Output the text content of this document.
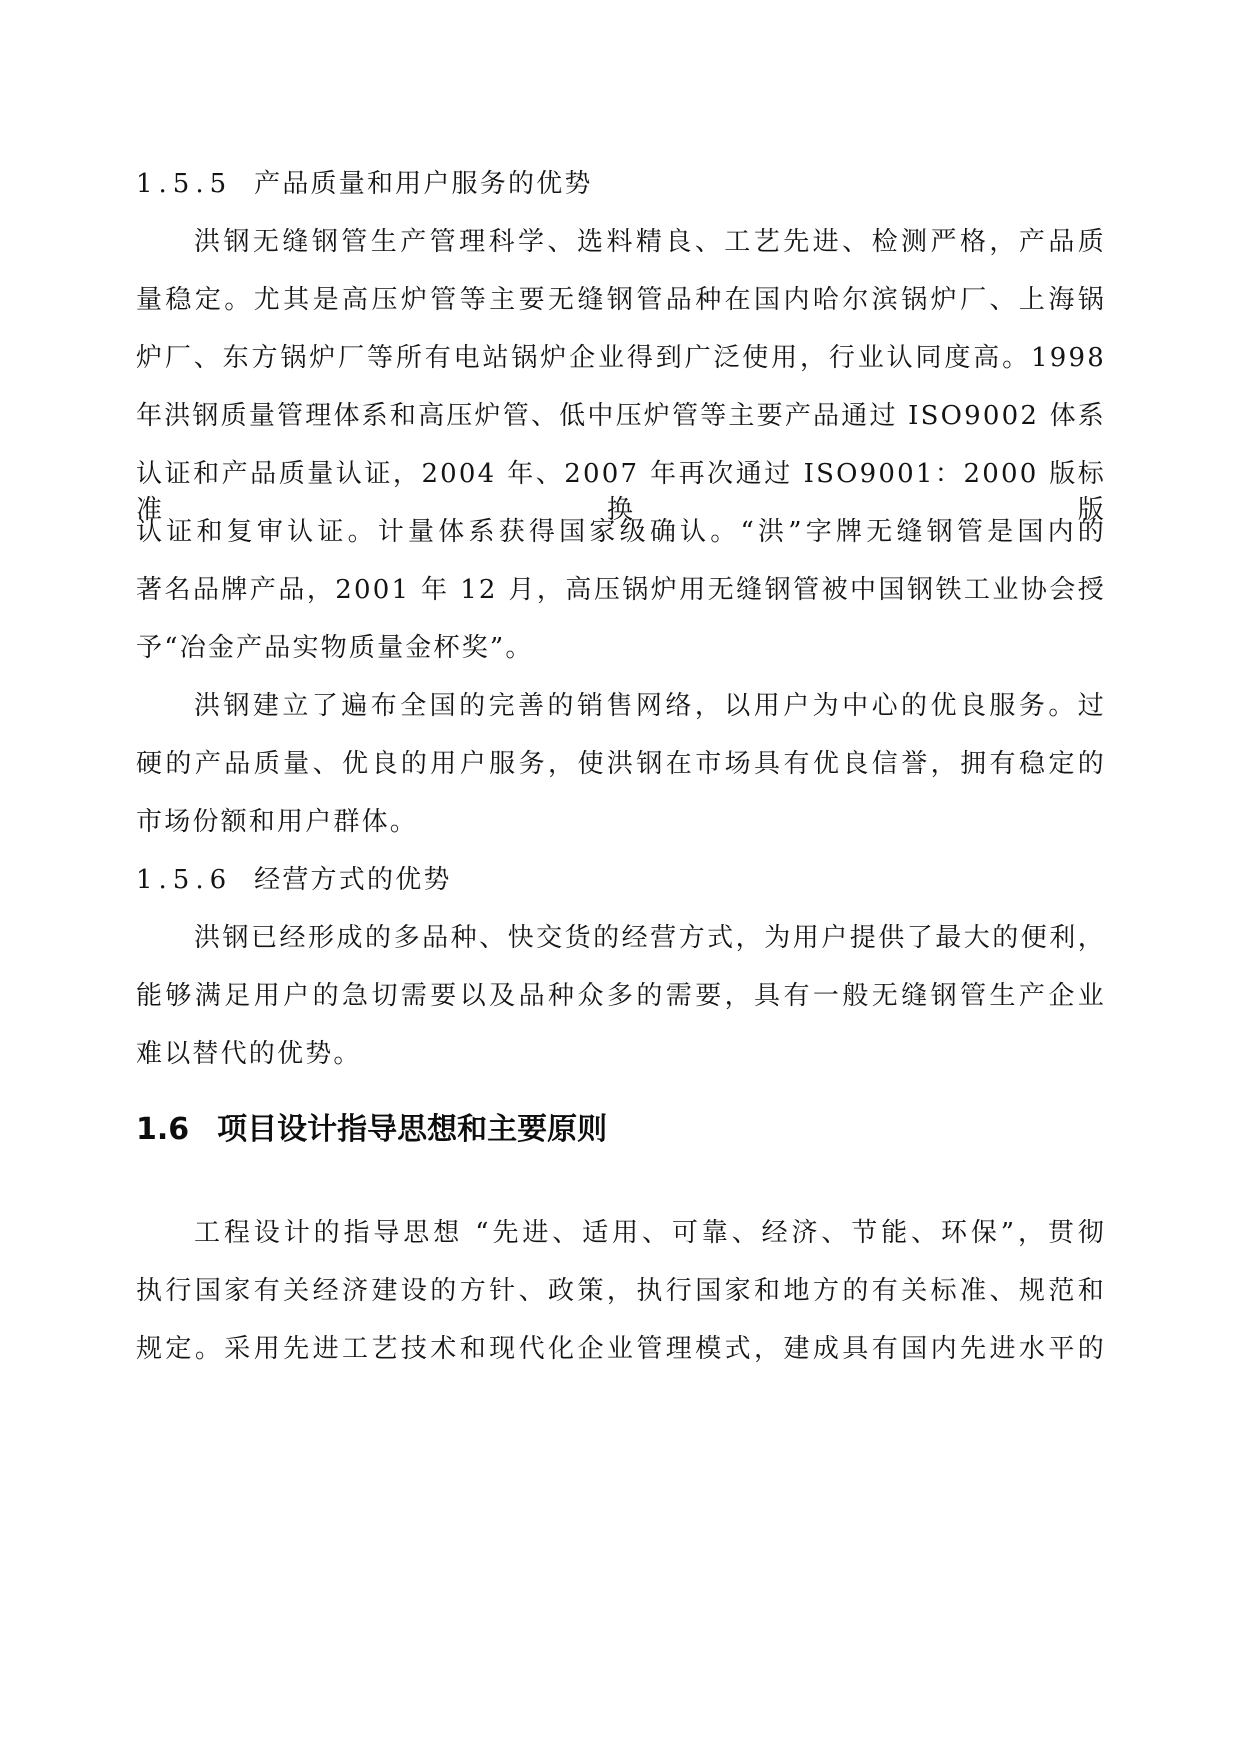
1.5.5 产品质量和用户服务的优势
洪钢无缝钢管生产管理科学、选料精良、工艺先进、检测严格，产品质
量稳定。尤其是高压炉管等主要无缝钢管品种在国内哈尔滨锅炉厂、上海锅
炉厂、东方锅炉厂等所有电站锅炉企业得到广泛使用，行业认同度高。1998
年洪钢质量管理体系和高压炉管、低中压炉管等主要产品通过 ISO9002 体系
认证和产品质量认证，2004 年、2007 年再次通过 ISO9001：2000 版标准换版
认证和复审认证。计量体系获得国家级确认。“洪”字牌无缝钢管是国内的
著名品牌产品，2001 年 12 月，高压锅炉用无缝钢管被中国钢铁工业协会授
予“冶金产品实物质量金杯奖”。
洪钢建立了遍布全国的完善的销售网络，以用户为中心的优良服务。过
硬的产品质量、优良的用户服务，使洪钢在市场具有优良信誉，拥有稳定的
市场份额和用户群体。
1.5.6 经营方式的优势
洪钢已经形成的多品种、快交货的经营方式，为用户提供了最大的便利，
能够满足用户的急切需要以及品种众多的需要，具有一般无缝钢管生产企业
难以替代的优势。
1.6 项目设计指导思想和主要原则
工程设计的指导思想 “先进、适用、可靠、经济、节能、环保”，贯彻
执行国家有关经济建设的方针、政策，执行国家和地方的有关标准、规范和
规定。采用先进工艺技术和现代化企业管理模式，建成具有国内先进水平的
